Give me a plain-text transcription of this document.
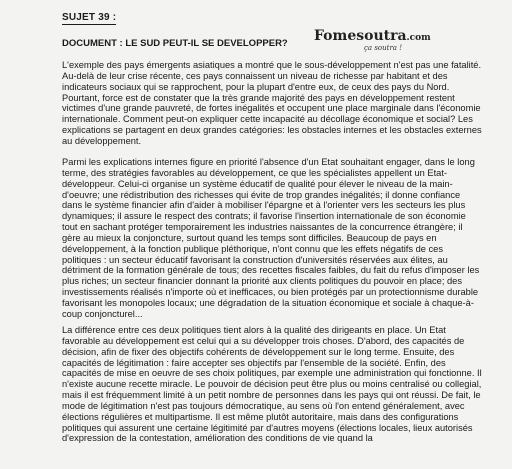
SUJET 39 :
DOCUMENT : LE SUD PEUT-IL SE DEVELOPPER? Fomesoutra.com
ça soutra !

L'exemple des pays émergents asiatiques a montré que le sous-développement n'est pas une fatalité. Au-delà de leur crise récente, ces pays connaissent un niveau de richesse par habitant et des indicateurs sociaux qui se rapprochent, pour la plupart d'entre eux, de ceux des pays du Nord. Pourtant, force est de constater que la très grande majorité des pays en développement restent victimes d'une grande pauvreté, de fortes inégalités et occupent une place marginale dans l'économie internationale. Comment peut-on expliquer cette incapacité au décollage économique et social? Les explications se partagent en deux grandes catégories: les obstacles internes et les obstacles externes au développement.

Parmi les explications internes figure en priorité l'absence d'un Etat souhaitant engager, dans le long terme, des stratégies favorables au développement, ce que les spécialistes appellent un Etat-développeur. Celui-ci organise un système éducatif de qualité pour élever le niveau de la main-d'oeuvre; une rédistribution des richesses qui évite de trop grandes inégalités; il donne confiance dans le système financier afin d'aider à mobiliser l'épargne et à l'orienter vers les secteurs les plus dynamiques; il assure le respect des contrats; il favorise l'insertion internationale de son économie tout en sachant protéger temporairement les industries naissantes de la concurrence étrangère; il gère au mieux la conjoncture, surtout quand les temps sont difficiles. Beaucoup de pays en développement, à la fonction publique pléthorique, n'ont connu que les effets négatifs de ces politiques : un secteur éducatif favorisant la construction d'universités réservées aux élites, au détriment de la formation générale de tous; des recettes fiscales faibles, du fait du refus d'imposer les plus riches; un secteur financier donnant la priorité aux clients politiques du pouvoir en place; des investissements réalisés n'importe où et inefficaces, ou bien protégés par un protectionnisme durable favorisant les monopoles locaux; une dégradation de la situation économique et sociale à chaque-à-coup conjoncturel...

La différence entre ces deux politiques tient alors à la qualité des dirigeants en place. Un Etat favorable au développement est celui qui a su développer trois choses. D'abord, des capacités de décision, afin de fixer des objectifs cohérents de développement sur le long terme. Ensuite, des capacités de légitimation : faire accepter ses objectifs par l'ensemble de la société. Enfin, des capacités de mise en oeuvre de ses choix politiques, par exemple une administration qui fonctionne. Il n'existe aucune recette miracle. Le pouvoir de décision peut être plus ou moins centralisé ou collegial, mais il est fréquemment limité à un petit nombre de personnes dans les pays qui ont réussi. De fait, le mode de légitimation n'est pas toujours démocratique, au sens où l'on entend généralement, avec élections régulières et multipartisme. Il est même plutôt autoritaire, mais dans des configurations politiques qui assurent une certaine légitimité par d'autres moyens (élections locales, lieux autorisés d'expression de la contestation, amélioration des conditions de vie quand la
